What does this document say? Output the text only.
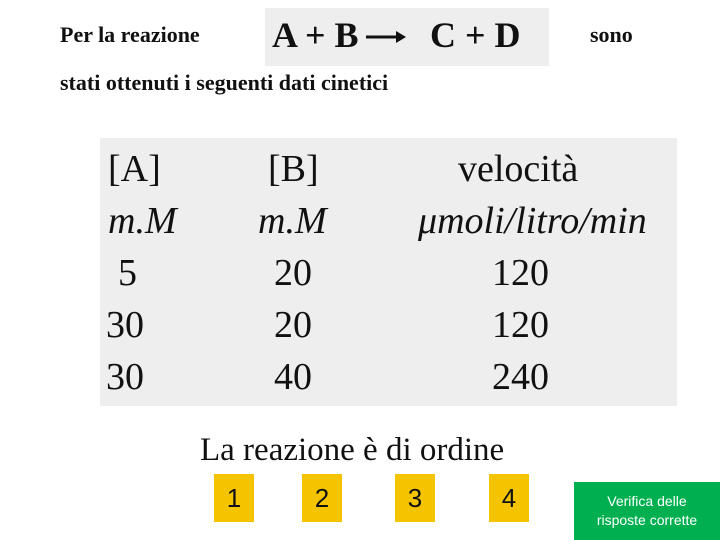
Per la reazione A + B → C + D	sono
stati ottenuti i seguenti dati cinetici
[A]	[B]	velocità
m.M m.M μmoli/litro/min
5	20	120
30	20	120
30	40	240
La reazione è di ordine
1	2	3	4	Verifica delle
risposte corrette
